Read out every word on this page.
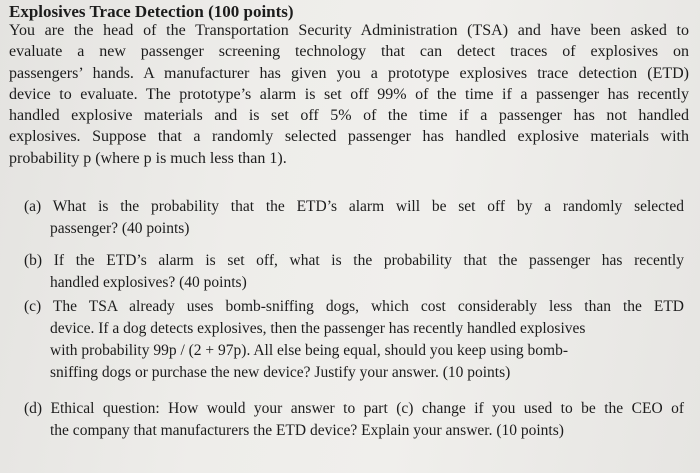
Explosives Trace Detection (100 points)
You are the head of the Transportation Security Administration (TSA) and have been asked to
evaluate a new passenger screening technology that can detect traces of explosives on
passengers’ hands. A manufacturer has given you a prototype explosives trace detection (ETD)
device to evaluate. The prototype’s alarm is set off 99% of the time if a passenger has recently
handled explosive materials and is set off 5% of the time if a passenger has not handled
explosives. Suppose that a randomly selected passenger has handled explosive materials with
probability p (where p is much less than 1).
(a) What is the probability that the ETD’s alarm will be set off by a randomly selected
passenger? (40 points)
(b) If the ETD’s alarm is set off, what is the probability that the passenger has recently
handled explosives? (40 points)
(c) The TSA already uses bomb-sniffing dogs, which cost considerably less than the ETD
device. If a dog detects explosives, then the passenger has recently handled explosives
with probability 99p / (2 + 97p). All else being equal, should you keep using bomb-
sniffing dogs or purchase the new device? Justify your answer. (10 points)
(d) Ethical question: How would your answer to part (c) change if you used to be the CEO of
the company that manufacturers the ETD device? Explain your answer. (10 points)
